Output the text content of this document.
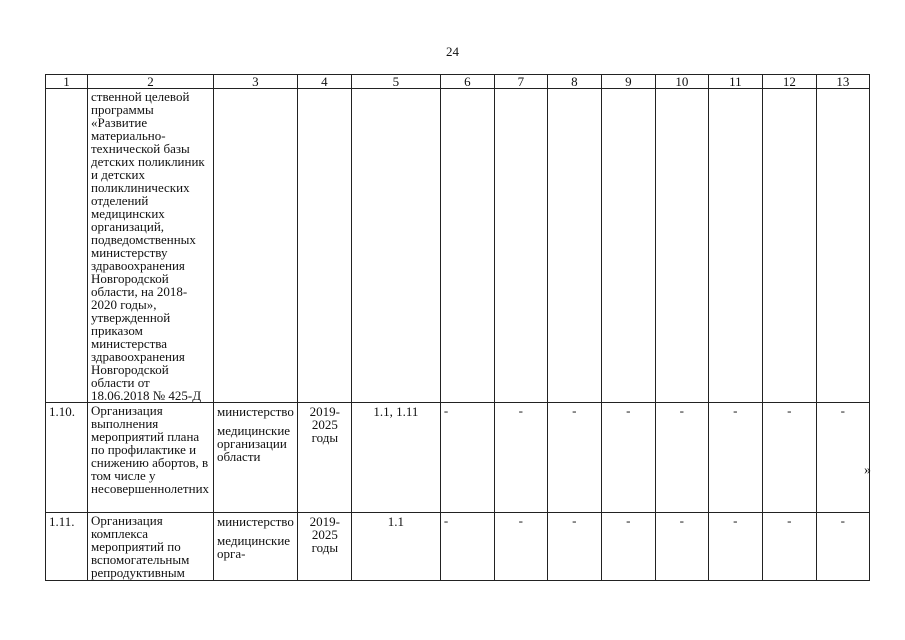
24
1	2	3	4	5	6	7	8	9	10	11	12	13
	ственной целевой программы «Развитие материально-технической базы детских поликлиник и детских поликлинических отделений медицинских организаций, подведомственных министерству здравоохранения Новгородской области, на 2018-2020 годы», утвержденной приказом министерства здравоохранения Новгородской области от 18.06.2018 № 425-Д											
1.10.	Организация выполнения мероприятий плана по профилактике и снижению абортов, в том числе у несовершеннолетних	министерство
медицинские организации области	2019-2025 годы	1.1, 1.11	-	-	-	-	-	-	-	-
1.11.	Организация комплекса мероприятий по вспомогательным репродуктивным	министерство
медицинские орга-	2019-2025 годы	1.1	-	-	-	-	-	-	-	-
»
